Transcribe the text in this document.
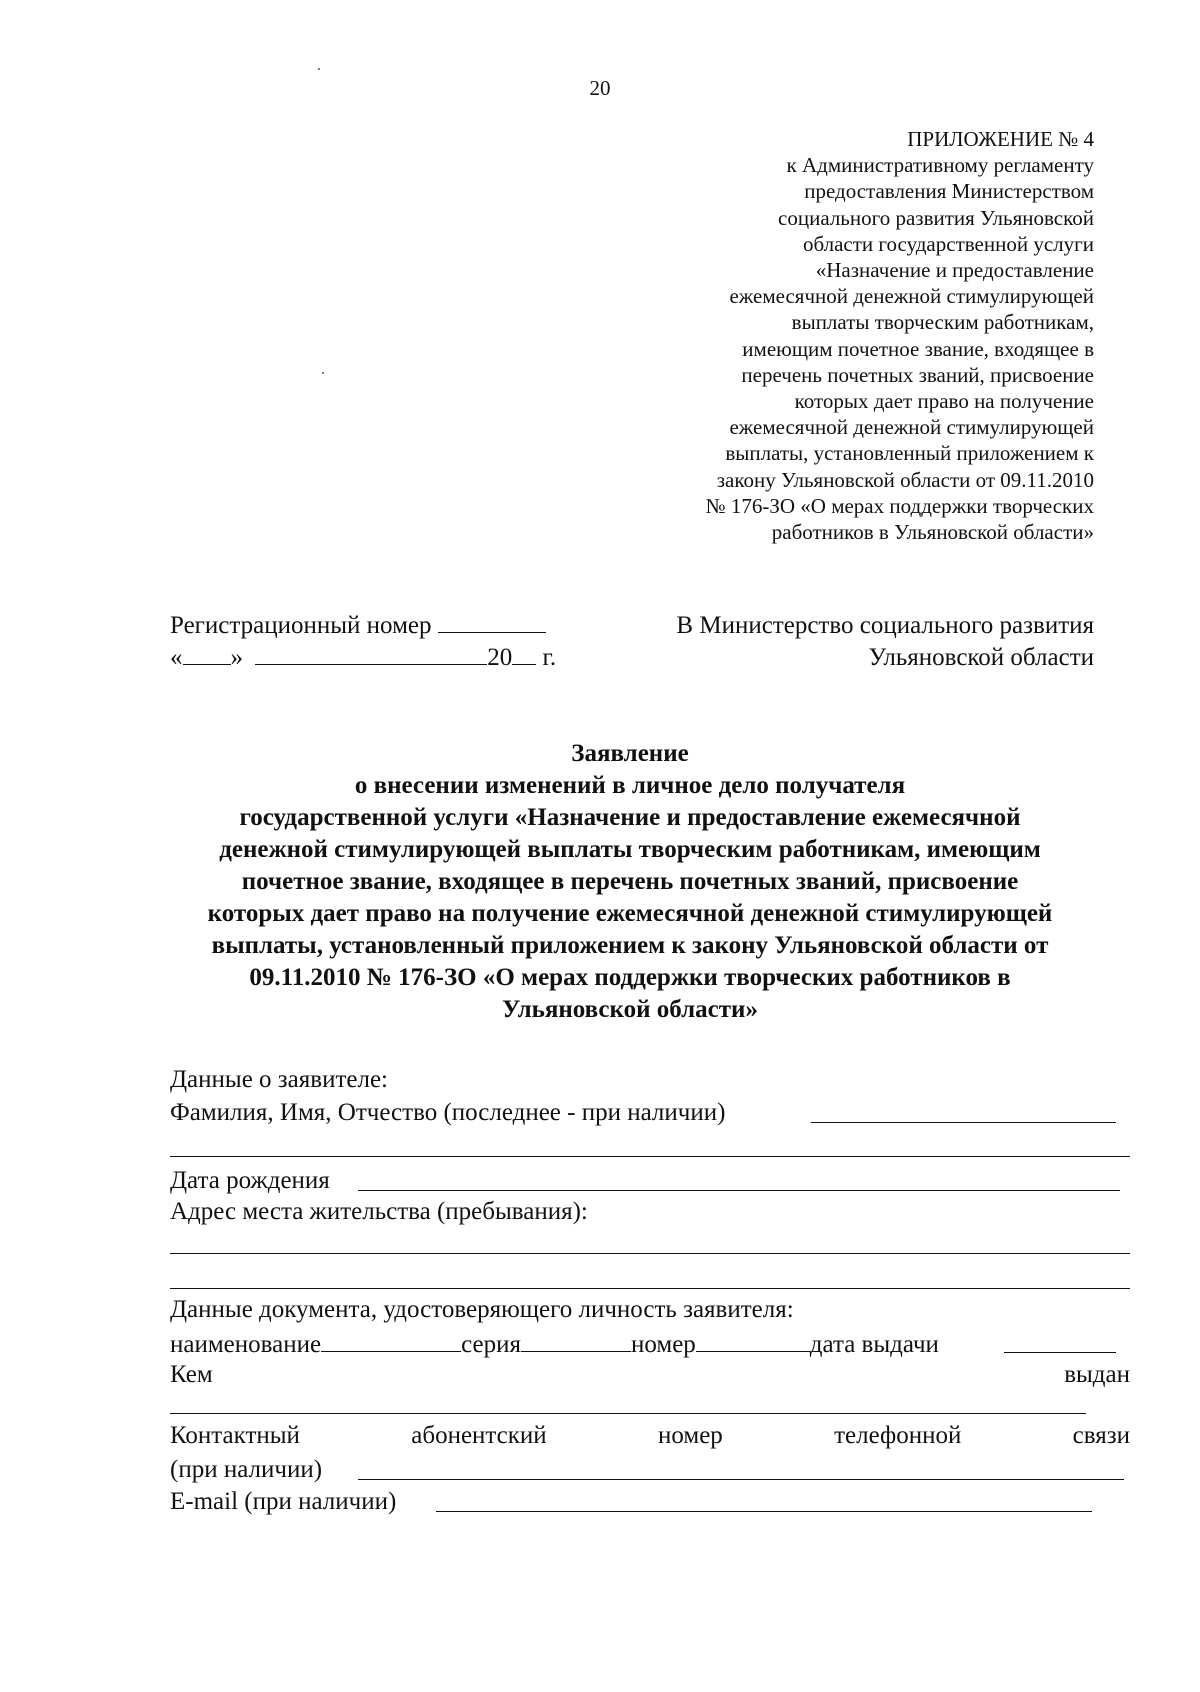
20
ПРИЛОЖЕНИЕ № 4
к Административному регламенту
предоставления Министерством
социального развития Ульяновской
области государственной услуги
«Назначение и предоставление
ежемесячной денежной стимулирующей
выплаты творческим работникам,
имеющим почетное звание, входящее в
перечень почетных званий, присвоение
которых дает право на получение
ежемесячной денежной стимулирующей
выплаты, установленный приложением к
закону Ульяновской области от 09.11.2010
№ 176-ЗО «О мерах поддержки творческих
работников в Ульяновской области»
Регистрационный номер
« »	20 г.
В Министерство социального развития
Ульяновской области
Заявление
о внесении изменений в личное дело получателя
государственной услуги «Назначение и предоставление ежемесячной
денежной стимулирующей выплаты творческим работникам, имеющим
почетное звание, входящее в перечень почетных званий, присвоение
которых дает право на получение ежемесячной денежной стимулирующей
выплаты, установленный приложением к закону Ульяновской области от
09.11.2010 № 176-ЗО «О мерах поддержки творческих работников в
Ульяновской области»
Данные о заявителе:
Фамилия, Имя, Отчество (последнее - при наличии)
Дата рождения
Адрес места жительства (пребывания):
Данные документа, удостоверяющего личность заявителя:
наименование	серия	номер	дата выдачи
Кем	выдан
Контактный	абонентский	номер	телефонной	связи
(при наличии)
E-mail (при наличии)
